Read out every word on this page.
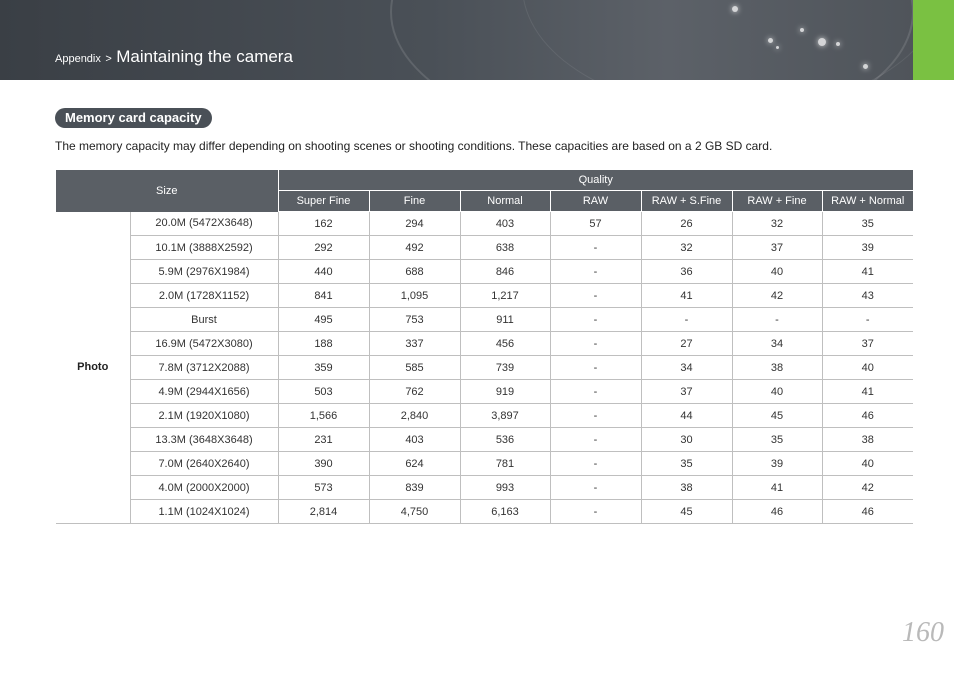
Appendix > Maintaining the camera
Memory card capacity
The memory capacity may differ depending on shooting scenes or shooting conditions. These capacities are based on a 2 GB SD card.
Size		Quality						
		Super Fine	Fine	Normal	RAW	RAW + S.Fine	RAW + Fine	RAW + Normal
Photo	20.0M (5472X3648)	162	294	403	57	26	32	35
	10.1M (3888X2592)	292	492	638	-	32	37	39
	5.9M (2976X1984)	440	688	846	-	36	40	41
	2.0M (1728X1152)	841	1,095	1,217	-	41	42	43
	Burst	495	753	911	-	-	-	-
	16.9M (5472X3080)	188	337	456	-	27	34	37
	7.8M (3712X2088)	359	585	739	-	34	38	40
	4.9M (2944X1656)	503	762	919	-	37	40	41
	2.1M (1920X1080)	1,566	2,840	3,897	-	44	45	46
	13.3M (3648X3648)	231	403	536	-	30	35	38
	7.0M (2640X2640)	390	624	781	-	35	39	40
	4.0M (2000X2000)	573	839	993	-	38	41	42
	1.1M (1024X1024)	2,814	4,750	6,163	-	45	46	46
160
